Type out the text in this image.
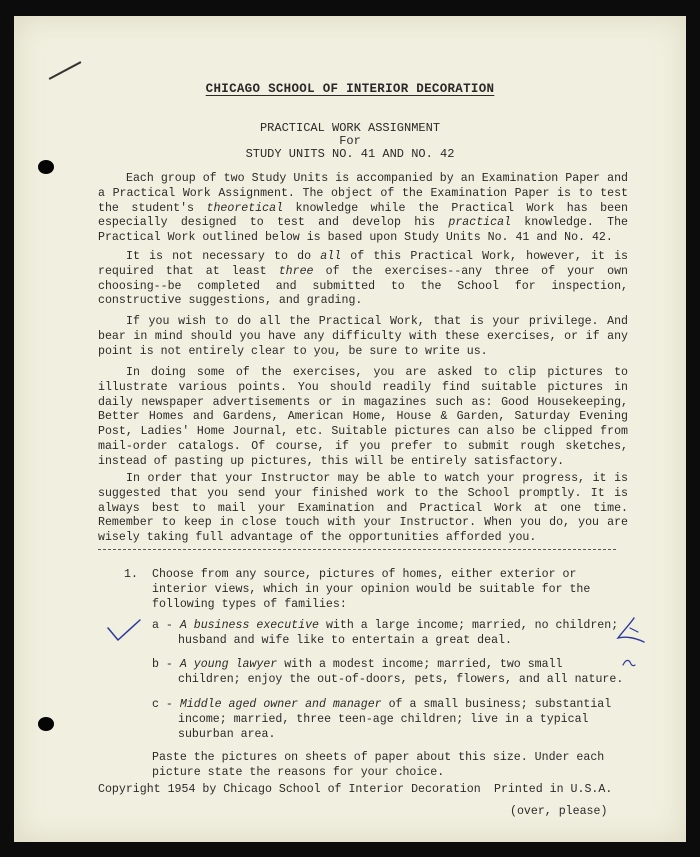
CHICAGO SCHOOL OF INTERIOR DECORATION
PRACTICAL WORK ASSIGNMENT
For
STUDY UNITS NO. 41 AND NO. 42

Each group of two Study Units is accompanied by an Examination Paper and a Practical Work Assignment. The object of the Examination Paper is to test the student's theoretical knowledge while the Practical Work has been especially designed to test and develop his practical knowledge. The Practical Work outlined below is based upon Study Units No. 41 and No. 42.

It is not necessary to do all of this Practical Work, however, it is required that at least three of the exercises--any three of your own choosing--be completed and submitted to the School for inspection, constructive suggestions, and grading.

If you wish to do all the Practical Work, that is your privilege. And bear in mind should you have any difficulty with these exercises, or if any point is not entirely clear to you, be sure to write us.

In doing some of the exercises, you are asked to clip pictures to illustrate various points. You should readily find suitable pictures in daily newspaper advertisements or in magazines such as: Good Housekeeping, Better Homes and Gardens, American Home, House & Garden, Saturday Evening Post, Ladies' Home Journal, etc. Suitable pictures can also be clipped from mail-order catalogs. Of course, if you prefer to submit rough sketches, instead of pasting up pictures, this will be entirely satisfactory.

In order that your Instructor may be able to watch your progress, it is suggested that you send your finished work to the School promptly. It is always best to mail your Examination and Practical Work at one time. Remember to keep in close touch with your Instructor. When you do, you are wisely taking full advantage of the opportunities afforded you.

1. Choose from any source, pictures of homes, either exterior or interior views, which in your opinion would be suitable for the following types of families:

a - A business executive with a large income; married, no children; husband and wife like to entertain a great deal.

b - A young lawyer with a modest income; married, two small children; enjoy the out-of-doors, pets, flowers, and all nature.

c - Middle aged owner and manager of a small business; substantial income; married, three teen-age children; live in a typical suburban area.

Paste the pictures on sheets of paper about this size. Under each picture state the reasons for your choice.

Copyright 1954 by Chicago School of Interior Decoration Printed in U.S.A.
(over, please)
